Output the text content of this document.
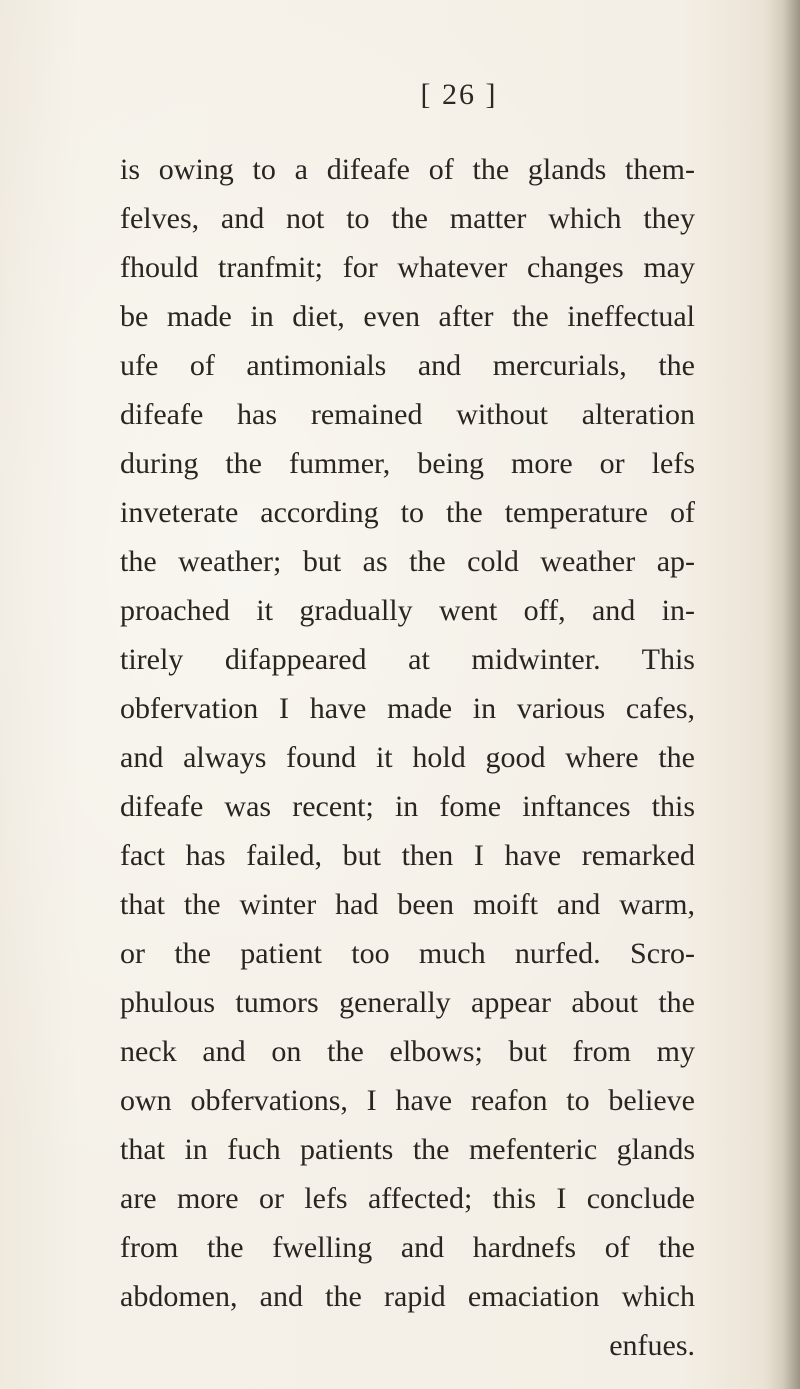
[ 26 ]
is owing to a difeafe of the glands them-
felves, and not to the matter which they
fhould tranfmit; for whatever changes may
be made in diet, even after the ineffectual
ufe of antimonials and mercurials, the
difeafe has remained without alteration
during the fummer, being more or lefs
inveterate according to the temperature of
the weather; but as the cold weather ap-
proached it gradually went off, and in-
tirely difappeared at midwinter. This
obfervation I have made in various cafes,
and always found it hold good where the
difeafe was recent; in fome inftances this
fact has failed, but then I have remarked
that the winter had been moift and warm,
or the patient too much nurfed. Scro-
phulous tumors generally appear about the
neck and on the elbows; but from my
own obfervations, I have reafon to believe
that in fuch patients the mefenteric glands
are more or lefs affected; this I conclude
from the fwelling and hardnefs of the
abdomen, and the rapid emaciation which
enfues.
